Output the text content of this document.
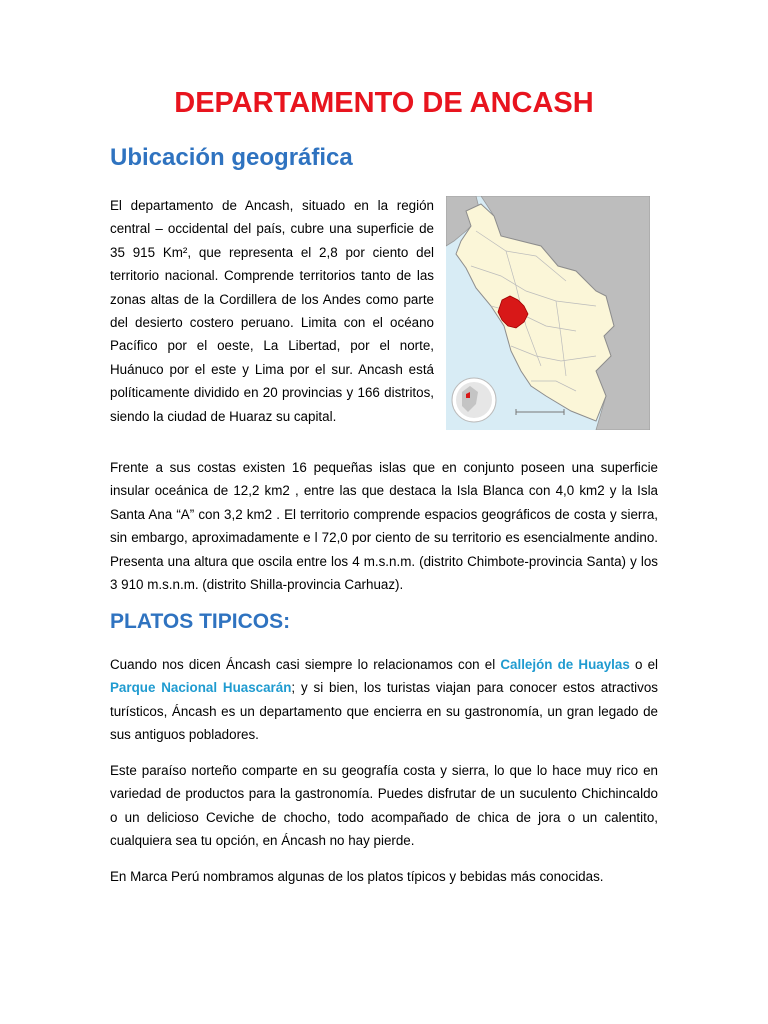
DEPARTAMENTO DE ANCASH
Ubicación geográfica

El departamento de Ancash, situado en la región central – occidental del país, cubre una superficie de 35 915 Km², que representa el 2,8 por ciento del territorio nacional. Comprende territorios tanto de las zonas altas de la Cordillera de los Andes como parte del desierto costero peruano. Limita con el océano Pacífico por el oeste, La Libertad, por el norte, Huánuco por el este y Lima por el sur. Ancash está políticamente dividido en 20 provincias y 166 distritos, siendo la ciudad de Huaraz su capital.

Frente a sus costas existen 16 pequeñas islas que en conjunto poseen una superficie insular oceánica de 12,2 km2 , entre las que destaca la Isla Blanca con 4,0 km2 y la Isla Santa Ana “A” con 3,2 km2 . El territorio comprende espacios geográficos de costa y sierra, sin embargo, aproximadamente e l 72,0 por ciento de su territorio es esencialmente andino. Presenta una altura que oscila entre los 4 m.s.n.m. (distrito Chimbote-provincia Santa) y los 3 910 m.s.n.m. (distrito Shilla-provincia Carhuaz).

PLATOS TIPICOS:

Cuando nos dicen Áncash casi siempre lo relacionamos con el Callejón de Huaylas o el Parque Nacional Huascarán; y si bien, los turistas viajan para conocer estos atractivos turísticos, Áncash es un departamento que encierra en su gastronomía, un gran legado de sus antiguos pobladores.

Este paraíso norteño comparte en su geografía costa y sierra, lo que lo hace muy rico en variedad de productos para la gastronomía. Puedes disfrutar de un suculento Chichincaldo o un delicioso Ceviche de chocho, todo acompañado de chica de jora o un calentito, cualquiera sea tu opción, en Áncash no hay pierde.

En Marca Perú nombramos algunas de los platos típicos y bebidas más conocidas.
